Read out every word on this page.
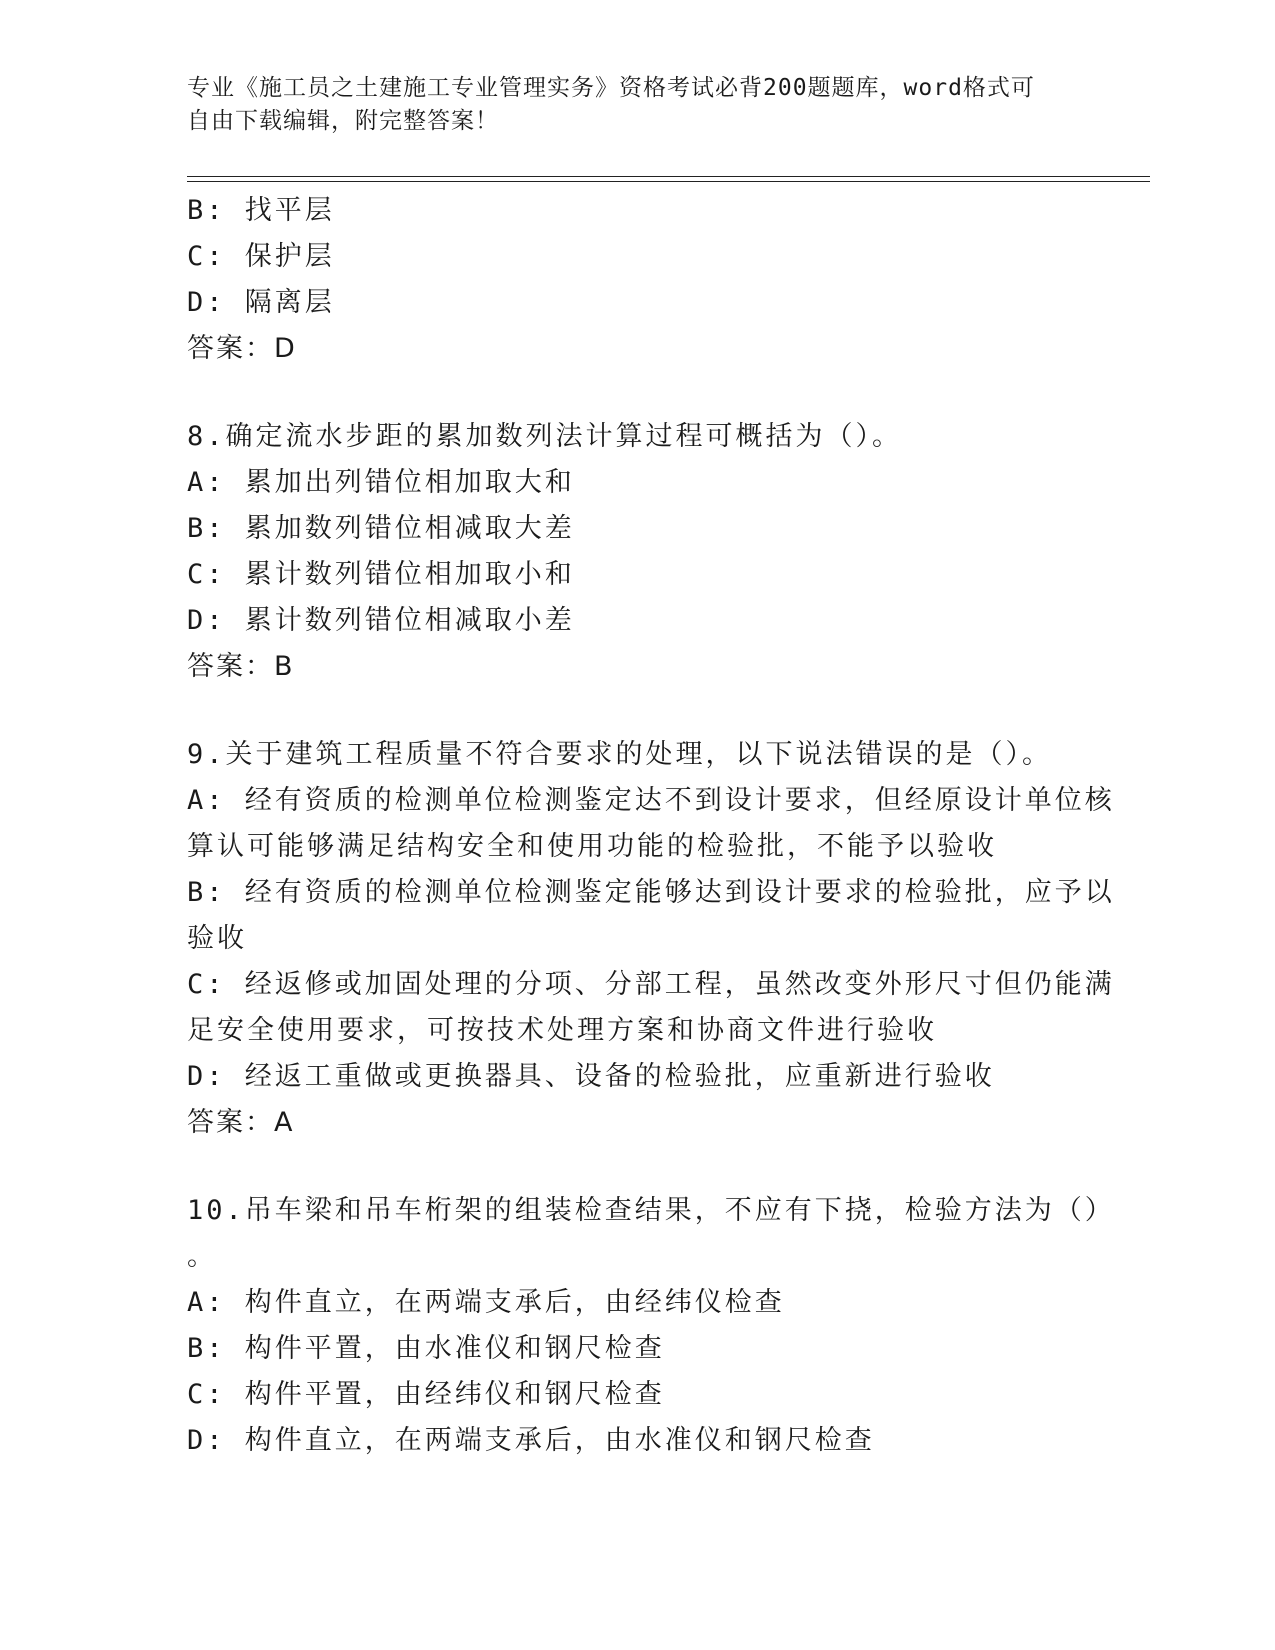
专业《施工员之土建施工专业管理实务》资格考试必背200题题库，word格式可
自由下载编辑，附完整答案！
B: 找平层
C: 保护层
D: 隔离层
答案：D
8.确定流水步距的累加数列法计算过程可概括为（）。
A: 累加出列错位相加取大和
B: 累加数列错位相减取大差
C: 累计数列错位相加取小和
D: 累计数列错位相减取小差
答案：B
9.关于建筑工程质量不符合要求的处理，以下说法错误的是（）。
A: 经有资质的检测单位检测鉴定达不到设计要求，但经原设计单位核
算认可能够满足结构安全和使用功能的检验批，不能予以验收
B: 经有资质的检测单位检测鉴定能够达到设计要求的检验批，应予以
验收
C: 经返修或加固处理的分项、分部工程，虽然改变外形尺寸但仍能满
足安全使用要求，可按技术处理方案和协商文件进行验收
D: 经返工重做或更换器具、设备的检验批，应重新进行验收
答案：A
10.吊车梁和吊车桁架的组装检查结果，不应有下挠，检验方法为（）
。
A: 构件直立，在两端支承后，由经纬仪检查
B: 构件平置，由水准仪和钢尺检查
C: 构件平置，由经纬仪和钢尺检查
D: 构件直立，在两端支承后，由水准仪和钢尺检查
